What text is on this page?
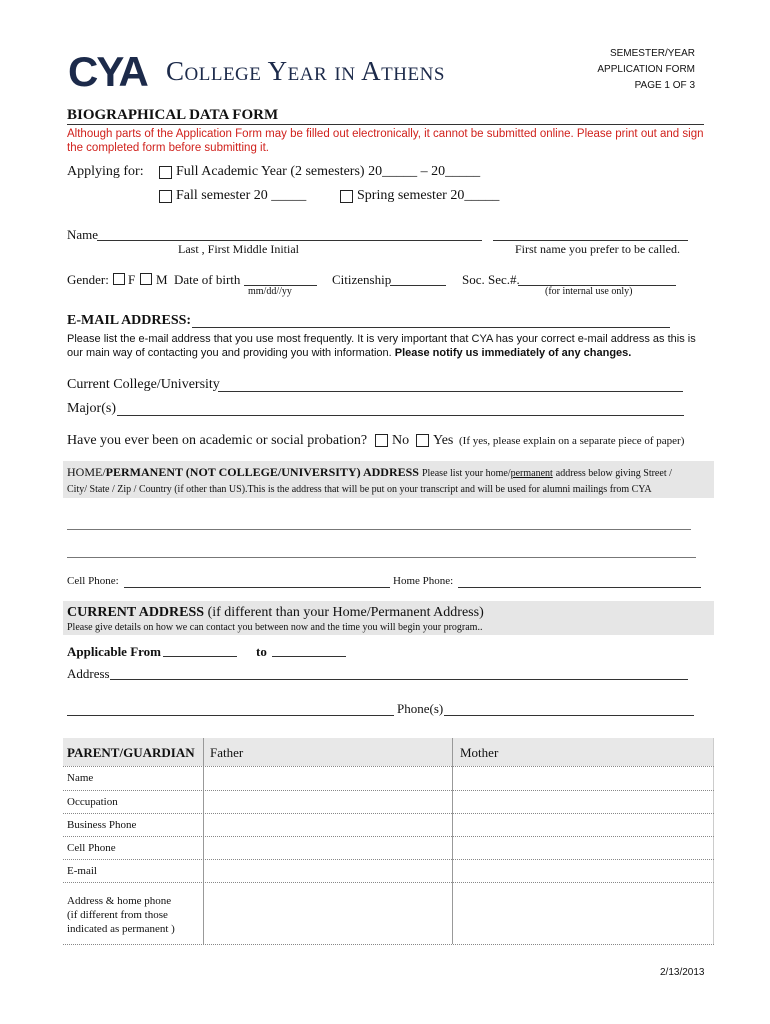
CYA College Year in Athens
SEMESTER/YEAR
APPLICATION FORM
PAGE 1 OF 3
BIOGRAPHICAL DATA FORM
Although parts of the Application Form may be filled out electronically, it cannot be submitted online. Please print out and sign the completed form before submitting it.
Applying for: Full Academic Year (2 semesters) 20_____ – 20_____
Fall semester 20 _____	Spring semester 20_____
Name
Last , First Middle Initial	First name you prefer to be called.
Gender: F M Date of birth
mm/dd//yy
Citizenship	Soc. Sec.#.
(for internal use only)
E-MAIL ADDRESS:
Please list the e-mail address that you use most frequently. It is very important that CYA has your correct e-mail address as this is our main way of contacting you and providing you with information. Please notify us immediately of any changes.
Current College/University
Major(s)
Have you ever been on academic or social probation? No Yes (If yes, please explain on a separate piece of paper)
HOME/PERMANENT (NOT COLLEGE/UNIVERSITY) ADDRESS Please list your home/permanent address below giving Street /
City/ State / Zip / Country (if other than US).This is the address that will be put on your transcript and will be used for alumni mailings from CYA
Cell Phone:	Home Phone:
CURRENT ADDRESS (if different than your Home/Permanent Address)
Please give details on how we can contact you between now and the time you will begin your program..
Applicable From	to
Address
Phone(s)
PARENT/GUARDIAN Father	Mother
Name
Occupation
Business Phone
Cell Phone
E-mail
Address & home phone
(if different from those
indicated as permanent )
2/13/2013
